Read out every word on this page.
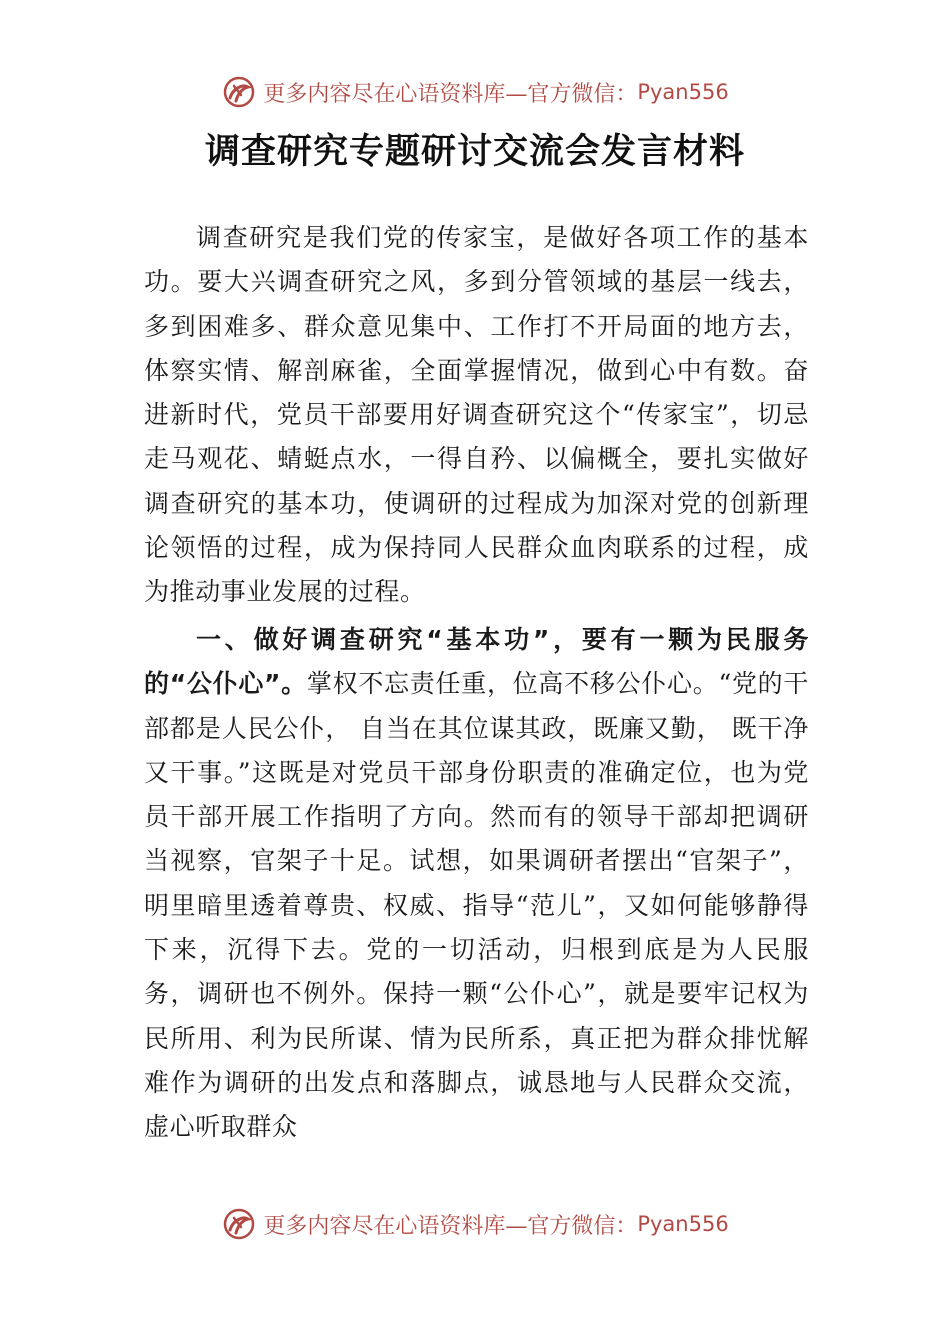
更多内容尽在心语资料库—官方微信： Pyan556
调查研究专题研讨交流会发言材料

调查研究是我们党的传家宝，是做好各项工作的基本功。要大兴调查研究之风，多到分管领域的基层一线去，多到困难多、群众意见集中、工作打不开局面的地方去，体察实情、解剖麻雀，全面掌握情况，做到心中有数。奋进新时代，党员干部要用好调查研究这个“传家宝”，切忌走马观花、蜻蜓点水，一得自矜、以偏概全，要扎实做好调查研究的基本功，使调研的过程成为加深对党的创新理论领悟的过程，成为保持同人民群众血肉联系的过程，成为推动事业发展的过程。

一、做好调查研究“基本功”，要有一颗为民服务的“公仆心”。掌权不忘责任重，位高不移公仆心。“党的干部都是人民公仆， 自当在其位谋其政，既廉又勤， 既干净又干事。”这既是对党员干部身份职责的准确定位，也为党员干部开展工作指明了方向。然而有的领导干部却把调研当视察，官架子十足。试想，如果调研者摆出“官架子”，明里暗里透着尊贵、权威、指导“范儿”，又如何能够静得下来，沉得下去。党的一切活动，归根到底是为人民服务，调研也不例外。保持一颗“公仆心”，就是要牢记权为民所用、利为民所谋、情为民所系，真正把为群众排忧解难作为调研的出发点和落脚点，诚恳地与人民群众交流，虚心听取群众

更多内容尽在心语资料库—官方微信： Pyan556
